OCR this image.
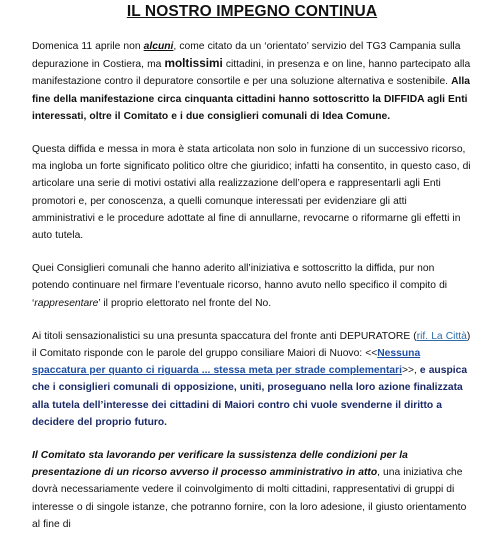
IL NOSTRO IMPEGNO CONTINUA

Domenica 11 aprile non alcuni, come citato da un ‘orientato’ servizio del TG3 Campania sulla depurazione in Costiera, ma moltissimi cittadini, in presenza e on line, hanno partecipato alla manifestazione contro il depuratore consortile e per una soluzione alternativa e sostenibile. Alla fine della manifestazione circa cinquanta cittadini hanno sottoscritto la DIFFIDA agli Enti interessati, oltre il Comitato e i due consiglieri comunali di Idea Comune.

Questa diffida e messa in mora è stata articolata non solo in funzione di un successivo ricorso, ma ingloba un forte significato politico oltre che giuridico; infatti ha consentito, in questo caso, di articolare una serie di motivi ostativi alla realizzazione dell’opera e rappresentarli agli Enti promotori e, per conoscenza, a quelli comunque interessati per evidenziare gli atti amministrativi e le procedure adottate al fine di annullarne, revocarne o riformarne gli effetti in auto tutela.

Quei Consiglieri comunali che hanno aderito all’iniziativa e sottoscritto la diffida, pur non potendo continuare nel firmare l’eventuale ricorso, hanno avuto nello specifico il compito di ‘rappresentare’ il proprio elettorato nel fronte del No.

Ai titoli sensazionalistici su una presunta spaccatura del fronte anti DEPURATORE (rif. La Città) il Comitato risponde con le parole del gruppo consiliare Maiori di Nuovo: <<Nessuna spaccatura per quanto ci riguarda ... stessa meta per strade complementari>>, e auspica che i consiglieri comunali di opposizione, uniti, proseguano nella loro azione finalizzata alla tutela dell’interesse dei cittadini di Maiori contro chi vuole svenderne il diritto a decidere del proprio futuro.

Il Comitato sta lavorando per verificare la sussistenza delle condizioni per la presentazione di un ricorso avverso il processo amministrativo in atto, una iniziativa che dovrà necessariamente vedere il coinvolgimento di molti cittadini, rappresentativi di gruppi di interesse o di singole istanze, che potranno fornire, con la loro adesione, il giusto orientamento al fine di
